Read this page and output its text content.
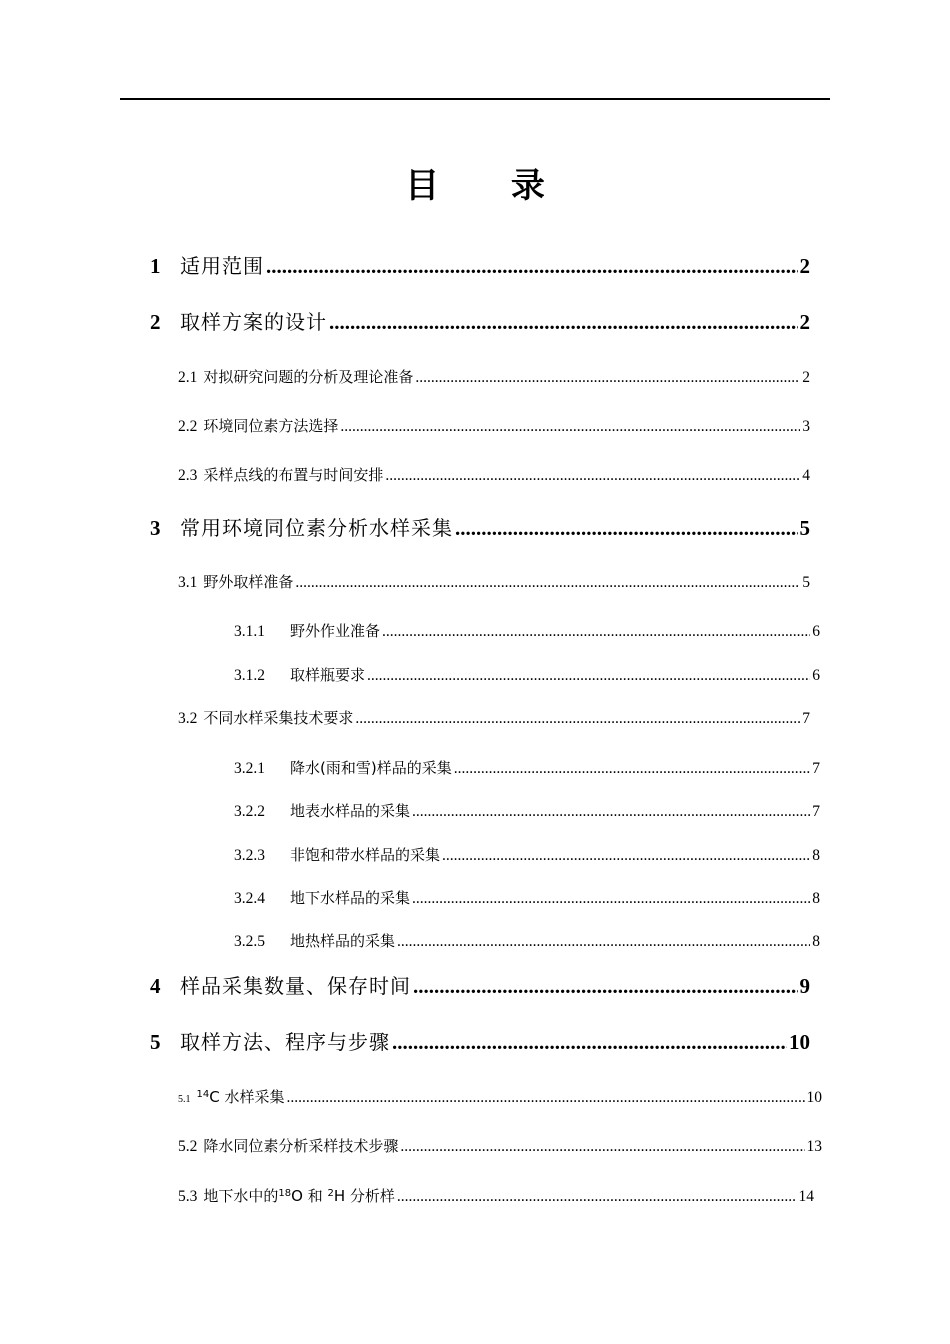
目 录
1 适用范围 .....	2
2 取样方案的设计 .....	2
2.1 对拟研究问题的分析及理论准备 .....	2
2.2 环境同位素方法选择 .....	3
2.3 采样点线的布置与时间安排 .....	4
3 常用环境同位素分析水样采集 .....	5
3.1 野外取样准备 .....	5
3.1.1	野外作业准备 .....	6
3.1.2	取样瓶要求 .....	6
3.2 不同水样采集技术要求 .....	7
3.2.1	降水(雨和雪)样品的采集 .....	7
3.2.2	地表水样品的采集 .....	7
3.2.3	非饱和带水样品的采集 .....	8
3.2.4	地下水样品的采集 .....	8
3.2.5	地热样品的采集 .....	8
4 样品采集数量、保存时间 .....	9
5 取样方法、程序与步骤 .....	10
5.1 $^{14}$C 水样采集 .....	10
5.2 降水同位素分析采样技术步骤 .....	13
5.3 地下水中的$^{18}$O 和 $^2$H 分析样 .....	14
